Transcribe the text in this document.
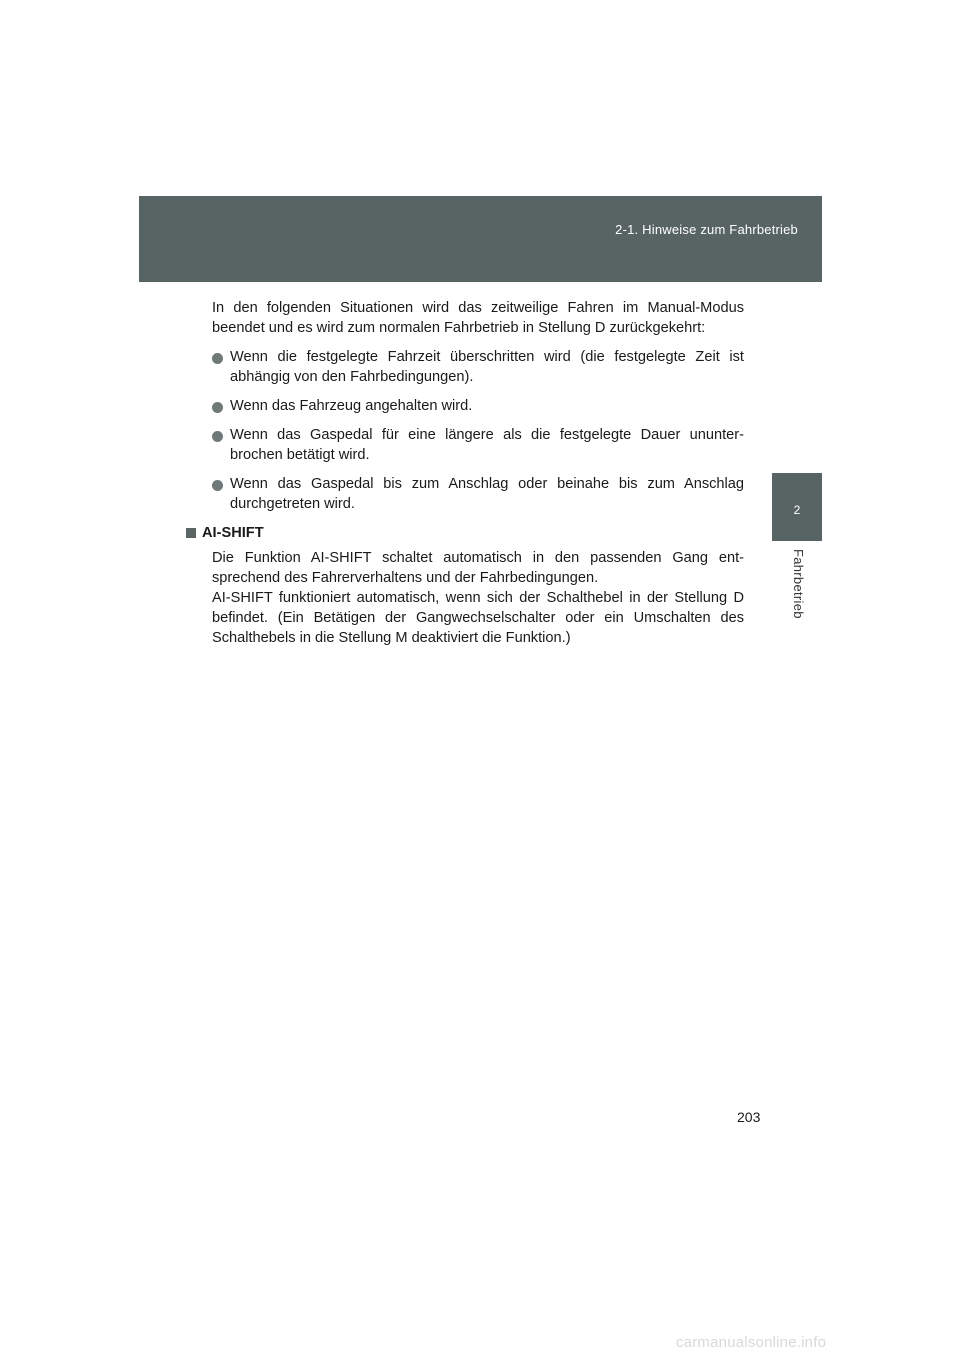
2-1. Hinweise zum Fahrbetrieb
2
Fahrbetrieb

In den folgenden Situationen wird das zeitweilige Fahren im Manual-Modus beendet und es wird zum normalen Fahrbetrieb in Stellung D zurückgekehrt:

Wenn die festgelegte Fahrzeit überschritten wird (die festgelegte Zeit ist abhängig von den Fahrbedingungen).
Wenn das Fahrzeug angehalten wird.
Wenn das Gaspedal für eine längere als die festgelegte Dauer ununter-brochen betätigt wird.
Wenn das Gaspedal bis zum Anschlag oder beinahe bis zum Anschlag durchgetreten wird.
AI-SHIFT

Die Funktion AI-SHIFT schaltet automatisch in den passenden Gang ent-sprechend des Fahrerverhaltens und der Fahrbedingungen.
AI-SHIFT funktioniert automatisch, wenn sich der Schalthebel in der Stellung D befindet. (Ein Betätigen der Gangwechselschalter oder ein Umschalten des Schalthebels in die Stellung M deaktiviert die Funktion.)

203
carmanualsonline.info
